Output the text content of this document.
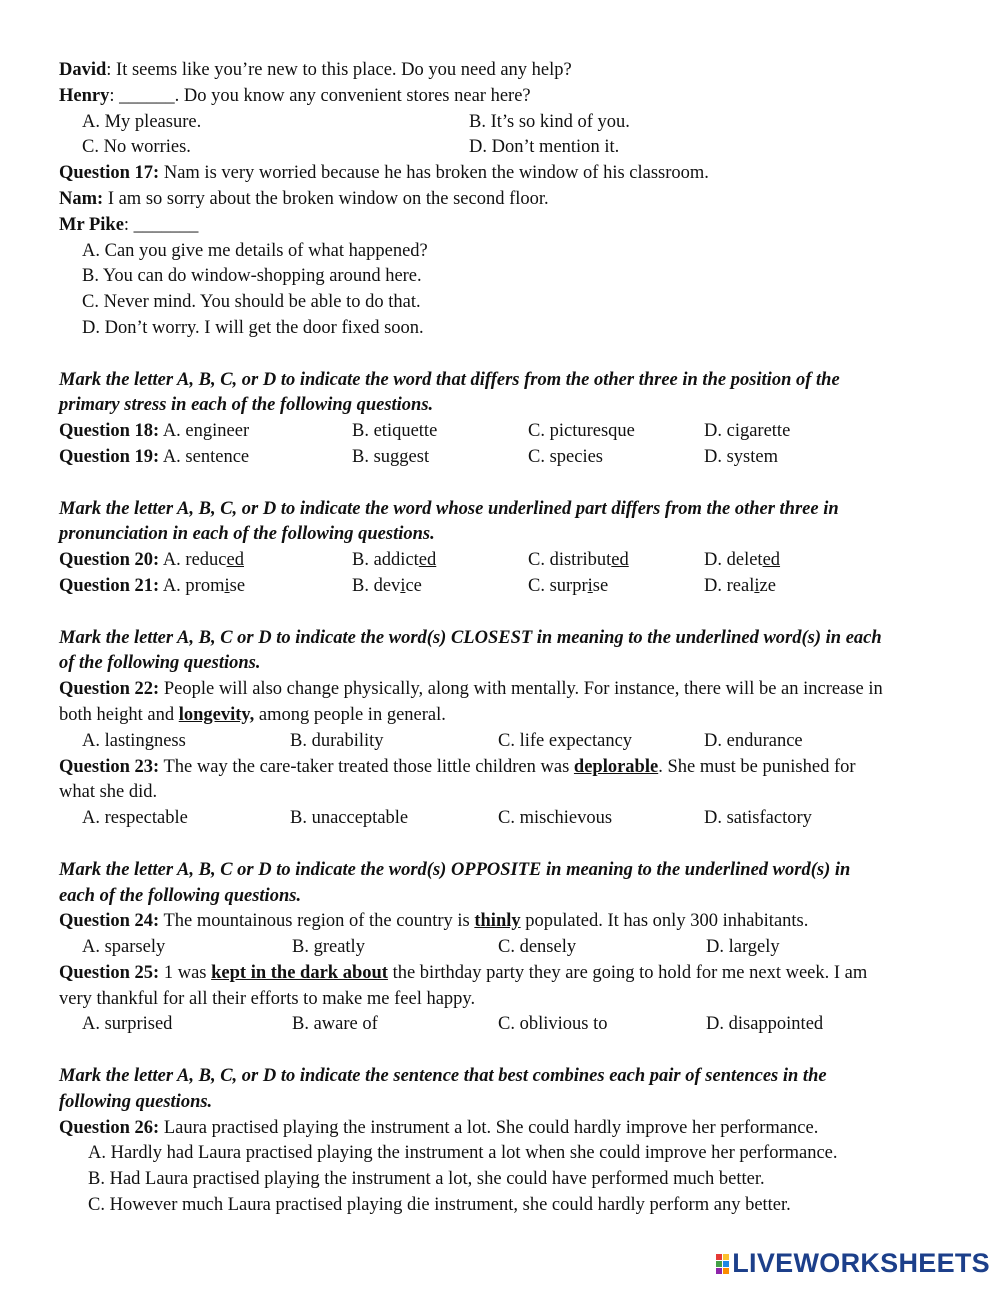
David: It seems like you’re new to this place. Do you need any help?
Henry: ______. Do you know any convenient stores near here?
A. My pleasure.	B. It’s so kind of you.
C. No worries.	D. Don’t mention it.
Question 17: Nam is very worried because he has broken the window of his classroom.
Nam: I am so sorry about the broken window on the second floor.
Mr Pike: _______
A. Can you give me details of what happened?
B. You can do window-shopping around here.
C. Never mind. You should be able to do that.
D. Don’t worry. I will get the door fixed soon.
Mark the letter A, B, C, or D to indicate the word that differs from the other three in the position of the
primary stress in each of the following questions.
Question 18: A. engineer	B. etiquette	C. picturesque	D. cigarette
Question 19: A. sentence	B. suggest	C. species	D. system
Mark the letter A, B, C, or D to indicate the word whose underlined part differs from the other three in
pronunciation in each of the following questions.
Question 20: A. reduced	B. addicted	C. distributed	D. deleted
Question 21: A. promise	B. device	C. surprise	D. realize
Mark the letter A, B, C or D to indicate the word(s) CLOSEST in meaning to the underlined word(s) in each
of the following questions.
Question 22: People will also change physically, along with mentally. For instance, there will be an increase in
both height and longevity, among people in general.
A. lastingness	B. durability	C. life expectancy	D. endurance
Question 23: The way the care-taker treated those little children was deplorable. She must be punished for
what she did.
A. respectable	B. unacceptable	C. mischievous	D. satisfactory
Mark the letter A, B, C or D to indicate the word(s) OPPOSITE in meaning to the underlined word(s) in
each of the following questions.
Question 24: The mountainous region of the country is thinly populated. It has only 300 inhabitants.
A. sparsely	B. greatly	C. densely	D. largely
Question 25: 1 was kept in the dark about the birthday party they are going to hold for me next week. I am
very thankful for all their efforts to make me feel happy.
A. surprised	B. aware of	C. oblivious to	D. disappointed
Mark the letter A, B, C, or D to indicate the sentence that best combines each pair of sentences in the
following questions.
Question 26: Laura practised playing the instrument a lot. She could hardly improve her performance.
A. Hardly had Laura practised playing the instrument a lot when she could improve her performance.
B. Had Laura practised playing the instrument a lot, she could have performed much better.
C. However much Laura practised playing die instrument, she could hardly perform any better.
LIVEWORKSHEETS
